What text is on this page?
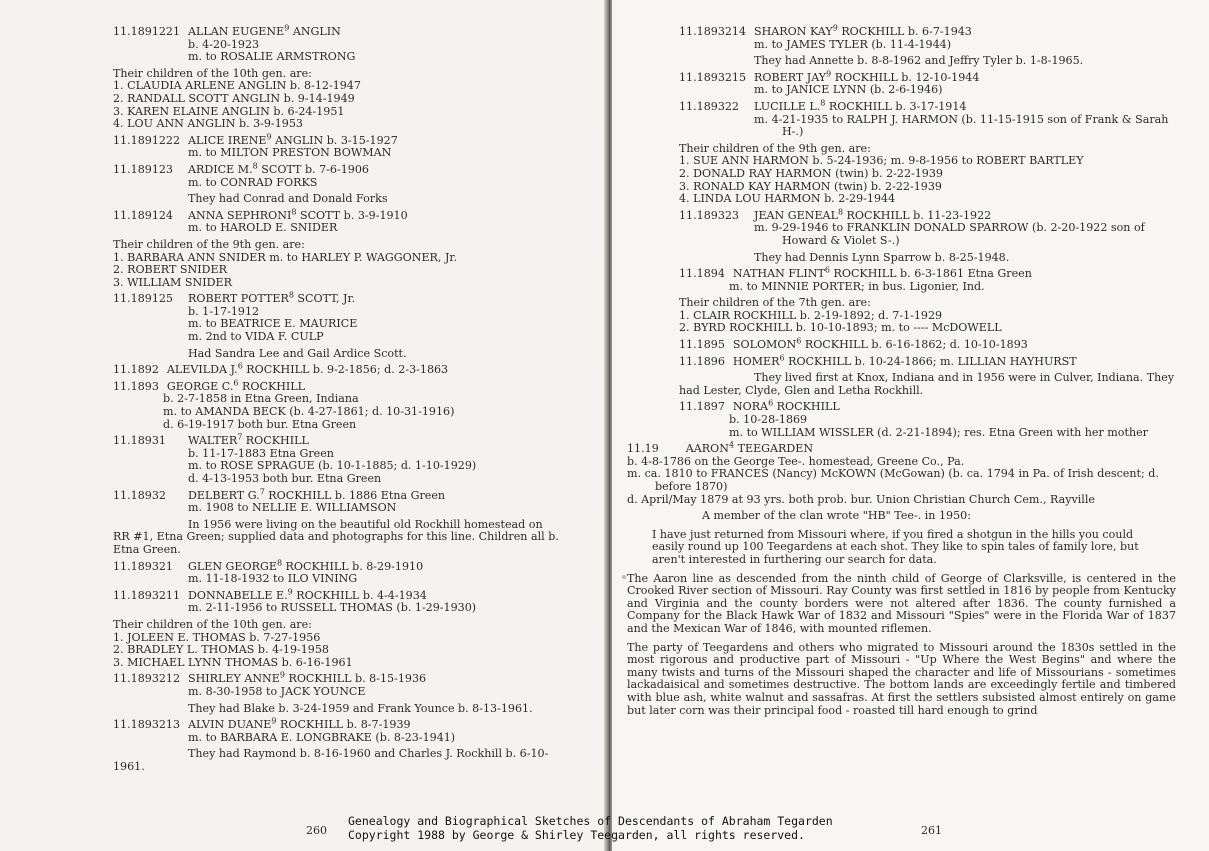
11.1891221 ALLAN EUGENE$^9$ ANGLIN
b. 4-20-1923
m. to ROSALIE ARMSTRONG
Their children of the 10th gen. are:
1. CLAUDIA ARLENE ANGLIN b. 8-12-1947
2. RANDALL SCOTT ANGLIN b. 9-14-1949
3. KAREN ELAINE ANGLIN b. 6-24-1951
4. LOU ANN ANGLIN b. 3-9-1953
11.1891222 ALICE IRENE$^9$ ANGLIN b. 3-15-1927
m. to MILTON PRESTON BOWMAN
11.189123	ARDICE M.$^8$ SCOTT b. 7-6-1906
m. to CONRAD FORKS
They had Conrad and Donald Forks
11.189124	ANNA SEPHRONI$^8$ SCOTT b. 3-9-1910
m. to HAROLD E. SNIDER
Their children of the 9th gen. are:
1. BARBARA ANN SNIDER m. to HARLEY P. WAGGONER, Jr.
2. ROBERT SNIDER
3. WILLIAM SNIDER
11.189125	ROBERT POTTER$^8$ SCOTT, Jr.
b. 1-17-1912
m. to BEATRICE E. MAURICE
m. 2nd to VIDA F. CULP
Had Sandra Lee and Gail Ardice Scott.
11.1892 ALEVILDA J.$^6$ ROCKHILL b. 9-2-1856; d. 2-3-1863
11.1893 GEORGE C.$^6$ ROCKHILL
b. 2-7-1858 in Etna Green, Indiana
m. to AMANDA BECK (b. 4-27-1861; d. 10-31-1916)
d. 6-19-1917 both bur. Etna Green
11.18931	WALTER$^7$ ROCKHILL
b. 11-17-1883 Etna Green
m. to ROSE SPRAGUE (b. 10-1-1885; d. 1-10-1929)
d. 4-13-1953 both bur. Etna Green
11.18932	DELBERT G.$^7$ ROCKHILL b. 1886 Etna Green
m. 1908 to NELLIE E. WILLIAMSON
In 1956 were living on the beautiful old Rockhill homestead on RR #1, Etna Green; supplied data and photographs for this line. Children all b. Etna Green.
11.189321	GLEN GEORGE$^8$ ROCKHILL b. 8-29-1910
m. 11-18-1932 to ILO VINING
11.1893211 DONNABELLE E.$^9$ ROCKHILL b. 4-4-1934
m. 2-11-1956 to RUSSELL THOMAS (b. 1-29-1930)
Their children of the 10th gen. are:
1. JOLEEN E. THOMAS b. 7-27-1956
2. BRADLEY L. THOMAS b. 4-19-1958
3. MICHAEL LYNN THOMAS b. 6-16-1961
11.1893212 SHIRLEY ANNE$^9$ ROCKHILL b. 8-15-1936
m. 8-30-1958 to JACK YOUNCE
They had Blake b. 3-24-1959 and Frank Younce b. 8-13-1961.
11.1893213 ALVIN DUANE$^9$ ROCKHILL b. 8-7-1939
m. to BARBARA E. LONGBRAKE (b. 8-23-1941)
They had Raymond b. 8-16-1960 and Charles J. Rockhill b. 6-10-1961.
260
11.1893214 SHARON KAY$^9$ ROCKHILL b. 6-7-1943
m. to JAMES TYLER (b. 11-4-1944)
They had Annette b. 8-8-1962 and Jeffry Tyler b. 1-8-1965.
11.1893215 ROBERT JAY$^9$ ROCKHILL b. 12-10-1944
m. to JANICE LYNN (b. 2-6-1946)
11.189322	LUCILLE L.$^8$ ROCKHILL b. 3-17-1914
m. 4-21-1935 to RALPH J. HARMON (b. 11-15-1915 son of Frank & Sarah H-.)
Their children of the 9th gen. are:
1. SUE ANN HARMON b. 5-24-1936; m. 9-8-1956 to ROBERT BARTLEY
2. DONALD RAY HARMON (twin) b. 2-22-1939
3. RONALD KAY HARMON (twin) b. 2-22-1939
4. LINDA LOU HARMON b. 2-29-1944
11.189323	JEAN GENEAL$^8$ ROCKHILL b. 11-23-1922
m. 9-29-1946 to FRANKLIN DONALD SPARROW (b. 2-20-1922 son of Howard & Violet S-.)
They had Dennis Lynn Sparrow b. 8-25-1948.
11.1894 NATHAN FLINT$^6$ ROCKHILL b. 6-3-1861 Etna Green
m. to MINNIE PORTER; in bus. Ligonier, Ind.
Their children of the 7th gen. are:
1. CLAIR ROCKHILL b. 2-19-1892; d. 7-1-1929
2. BYRD ROCKHILL b. 10-10-1893; m. to ---- McDOWELL
11.1895 SOLOMON$^6$ ROCKHILL b. 6-16-1862; d. 10-10-1893
11.1896 HOMER$^6$ ROCKHILL b. 10-24-1866; m. LILLIAN HAYHURST
They lived first at Knox, Indiana and in 1956 were in Culver, Indiana. They had Lester, Clyde, Glen and Letha Rockhill.
11.1897 NORA$^6$ ROCKHILL
b. 10-28-1869
m. to WILLIAM WISSLER (d. 2-21-1894); res. Etna Green with her mother
11.19 AARON$^4$ TEEGARDEN
b. 4-8-1786 on the George Tee-. homestead, Greene Co., Pa.
m. ca. 1810 to FRANCES (Nancy) McKOWN (McGowan) (b. ca. 1794 in Pa. of Irish descent; d. before 1870)
d. April/May 1879 at 93 yrs. both prob. bur. Union Christian Church Cem., Rayville
A member of the clan wrote "HB" Tee-. in 1950:
I have just returned from Missouri where, if you fired a shotgun in the hills you could easily round up 100 Teegardens at each shot. They like to spin tales of family lore, but aren't interested in furthering our search for data.
The Aaron line as descended from the ninth child of George of Clarksville, is centered in the Crooked River section of Missouri. Ray County was first settled in 1816 by people from Kentucky and Virginia and the county borders were not altered after 1836. The county furnished a Company for the Black Hawk War of 1832 and Missouri "Spies" were in the Florida War of 1837 and the Mexican War of 1846, with mounted riflemen.
The party of Teegardens and others who migrated to Missouri around the 1830s settled in the most rigorous and productive part of Missouri - "Up Where the West Begins" and where the many twists and turns of the Missouri shaped the character and life of Missourians - sometimes lackadaisical and sometimes destructive. The bottom lands are exceedingly fertile and timbered with blue ash, white walnut and sassafras. At first the settlers subsisted almost entirely on game but later corn was their principal food - roasted till hard enough to grind
261
Genealogy and Biographical Sketches of Descendants of Abraham Tegarden
Copyright 1988 by George & Shirley Teegarden, all rights reserved.
